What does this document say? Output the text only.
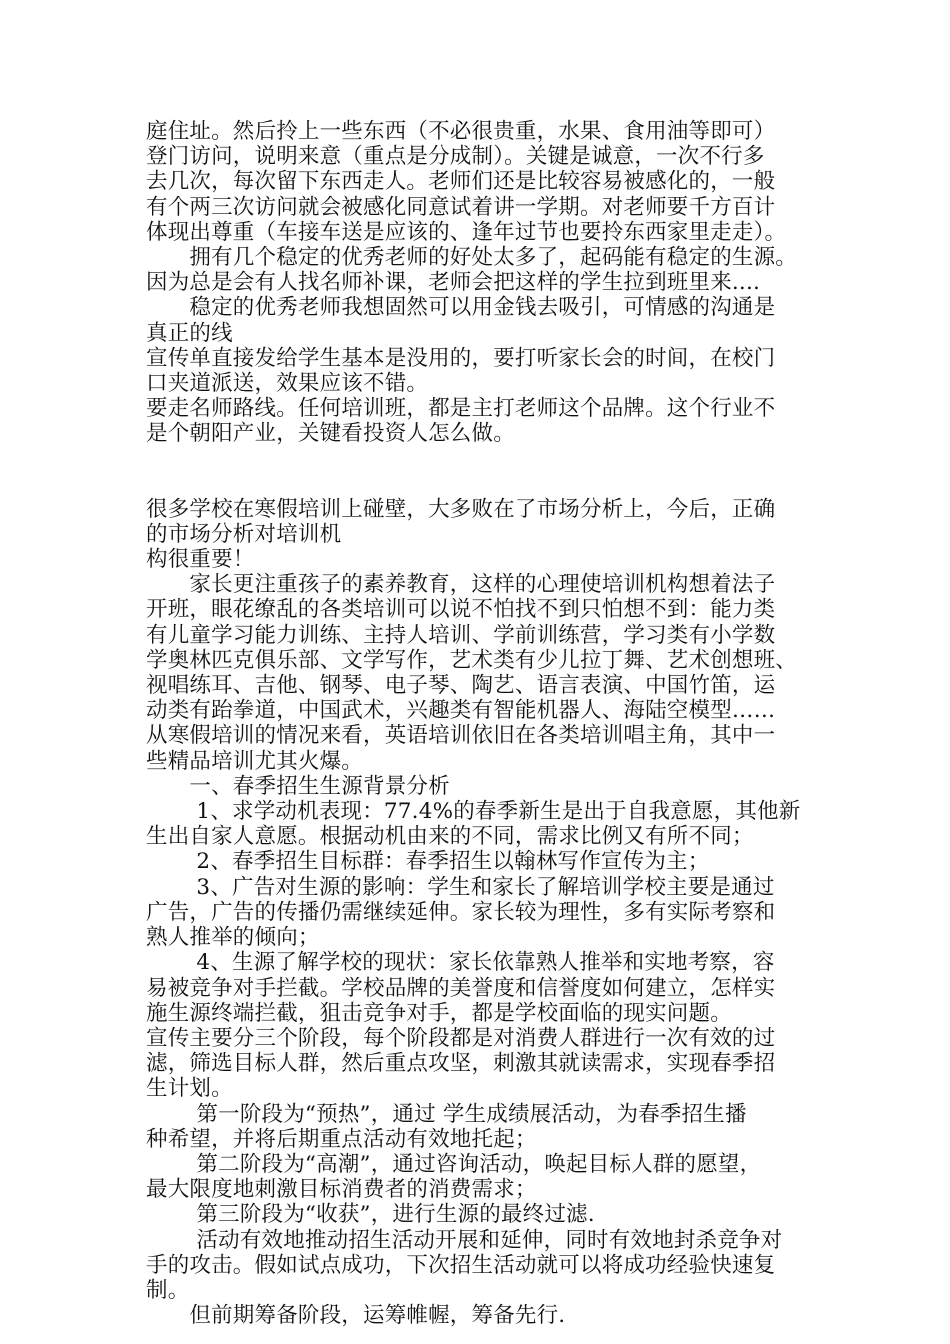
庭住址。然后拎上一些东西（不必很贵重，水果、食用油等即可）
登门访问，说明来意（重点是分成制）。关键是诚意，一次不行多
去几次，每次留下东西走人。老师们还是比较容易被感化的，一般
有个两三次访问就会被感化同意试着讲一学期。对老师要千方百计
体现出尊重（车接车送是应该的、逢年过节也要拎东西家里走走）。
　　拥有几个稳定的优秀老师的好处太多了，起码能有稳定的生源。
因为总是会有人找名师补课，老师会把这样的学生拉到班里来....
　　稳定的优秀老师我想固然可以用金钱去吸引，可情感的沟通是
真正的线
宣传单直接发给学生基本是没用的，要打听家长会的时间，在校门
口夹道派送，效果应该不错。
要走名师路线。任何培训班，都是主打老师这个品牌。这个行业不
是个朝阳产业，关键看投资人怎么做。
很多学校在寒假培训上碰壁，大多败在了市场分析上，今后，正确
的市场分析对培训机
构很重要！
　　家长更注重孩子的素养教育，这样的心理使培训机构想着法子
开班，眼花缭乱的各类培训可以说不怕找不到只怕想不到：能力类
有儿童学习能力训练、主持人培训、学前训练营，学习类有小学数
学奥林匹克俱乐部、文学写作，艺术类有少儿拉丁舞、艺术创想班、
视唱练耳、吉他、钢琴、电子琴、陶艺、语言表演、中国竹笛，运
动类有跆拳道，中国武术，兴趣类有智能机器人、海陆空模型……
从寒假培训的情况来看，英语培训依旧在各类培训唱主角，其中一
些精品培训尤其火爆。
　　一、春季招生生源背景分析
　　 1、求学动机表现：77.4%的春季新生是出于自我意愿，其他新
生出自家人意愿。根据动机由来的不同，需求比例又有所不同；
　　 2、春季招生目标群：春季招生以翰林写作宣传为主；
　　 3、广告对生源的影响：学生和家长了解培训学校主要是通过
广告，广告的传播仍需继续延伸。家长较为理性，多有实际考察和
熟人推举的倾向；
　　 4、生源了解学校的现状：家长依靠熟人推举和实地考察，容
易被竞争对手拦截。学校品牌的美誉度和信誉度如何建立，怎样实
施生源终端拦截，狙击竞争对手，都是学校面临的现实问题。
宣传主要分三个阶段，每个阶段都是对消费人群进行一次有效的过
滤，筛选目标人群，然后重点攻坚，刺激其就读需求，实现春季招
生计划。
　　 第一阶段为“预热”，通过 学生成绩展活动，为春季招生播
种希望，并将后期重点活动有效地托起；
　　 第二阶段为“高潮”，通过咨询活动，唤起目标人群的愿望，
最大限度地刺激目标消费者的消费需求；
　　 第三阶段为“收获”，进行生源的最终过滤.
　　 活动有效地推动招生活动开展和延伸，同时有效地封杀竞争对
手的攻击。假如试点成功，下次招生活动就可以将成功经验快速复
制。
　　但前期筹备阶段，运筹帷幄，筹备先行.
